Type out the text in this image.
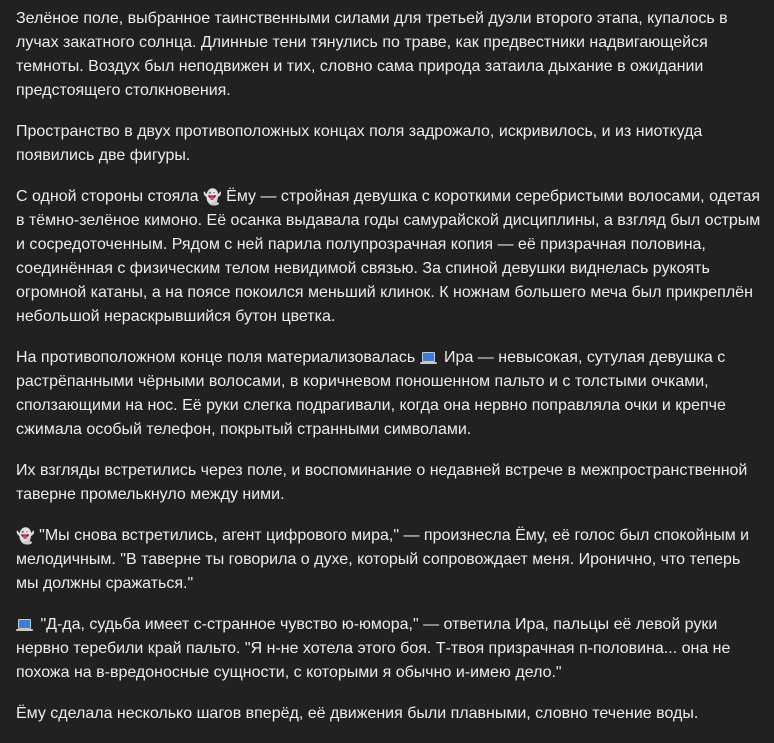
Зелёное поле, выбранное таинственными силами для третьей дуэли второго этапа, купалось в лучах закатного солнца. Длинные тени тянулись по траве, как предвестники надвигающейся темноты. Воздух был неподвижен и тих, словно сама природа затаила дыхание в ожидании предстоящего столкновения.

Пространство в двух противоположных концах поля задрожало, искривилось, и из ниоткуда появились две фигуры.

С одной стороны стояла 👻 Ёму — стройная девушка с короткими серебристыми волосами, одетая в тёмно-зелёное кимоно. Её осанка выдавала годы самурайской дисциплины, а взгляд был острым и сосредоточенным. Рядом с ней парила полупрозрачная копия — её призрачная половина, соединённая с физическим телом невидимой связью. За спиной девушки виднелась рукоять огромной катаны, а на поясе покоился меньший клинок. К ножнам большего меча был прикреплён небольшой нераскрывшийся бутон цветка.

На противоположном конце поля материализовалась
Ира — невысокая, сутулая девушка с растрёпанными чёрными волосами, в коричневом поношенном пальто и с толстыми очками, сползающими на нос. Её руки слегка подрагивали, когда она нервно поправляла очки и крепче сжимала особый телефон, покрытый странными символами.

Их взгляды встретились через поле, и воспоминание о недавней встрече в межпространственной таверне промелькнуло между ними.

👻 "Мы снова встретились, агент цифрового мира," — произнесла Ёму, её голос был спокойным и мелодичным. "В таверне ты говорила о духе, который сопровождает меня. Иронично, что теперь мы должны сражаться."

"Д-да, судьба имеет с-странное чувство ю-юмора," — ответила Ира, пальцы её левой руки нервно теребили край пальто. "Я н-не хотела этого боя. Т-твоя призрачная п-половина... она не похожа на в-вредоносные сущности, с которыми я обычно и-имею дело."

Ёму сделала несколько шагов вперёд, её движения были плавными, словно течение воды.
